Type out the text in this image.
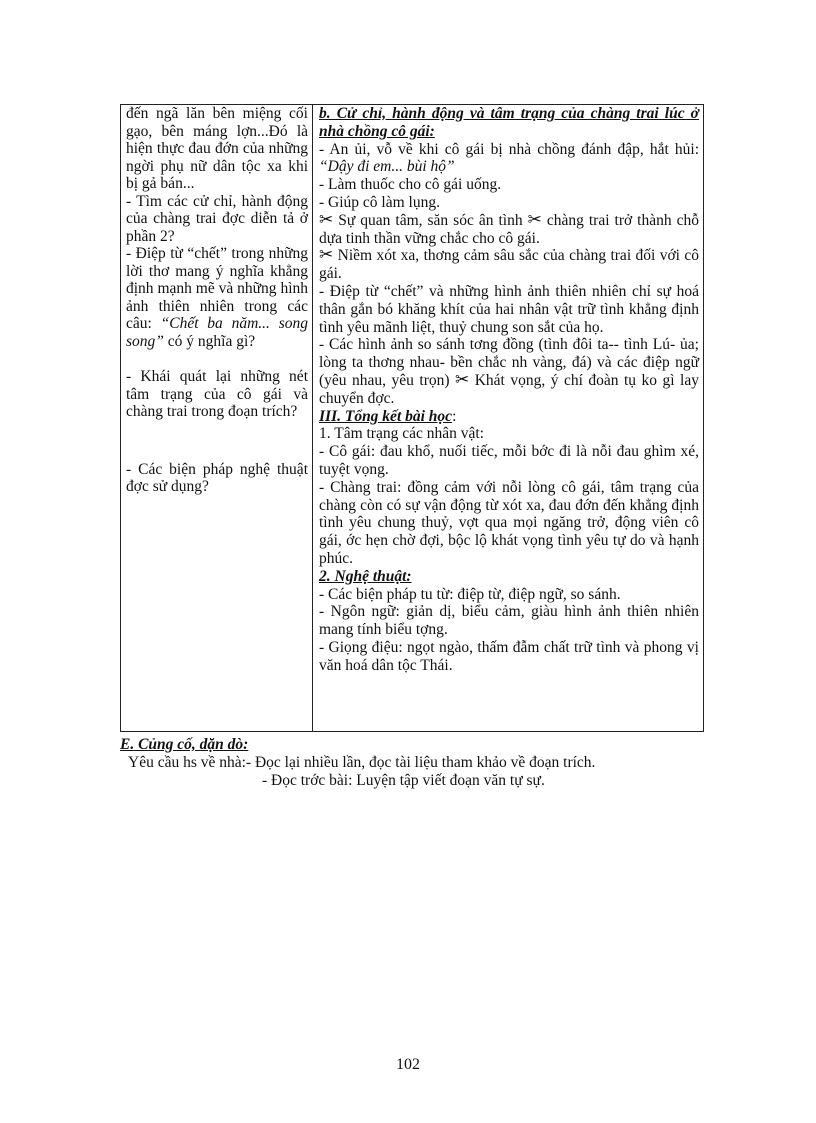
đến ngã lăn bên miệng cối gạo, bên máng lợn...Đó là hiện thực đau đớn của những ngời phụ nữ dân tộc xa khi bị gả bán...

- Tìm các cử chỉ, hành động của chàng trai đợc diễn tả ở phần 2?

- Điệp từ “chết” trong những lời thơ mang ý nghĩa khẳng định mạnh mẽ và những hình ảnh thiên nhiên trong các câu: “Chết ba năm... song song” có ý nghĩa gì?

- Khái quát lại những nét tâm trạng của cô gái và chàng trai trong đoạn trích?

- Các biện pháp nghệ thuật đợc sử dụng?

b. Cử chỉ, hành động và tâm trạng của chàng trai lúc ở nhà chồng cô gái:

- An ủi, vỗ về khi cô gái bị nhà chồng đánh đập, hắt hủi: “Dậy đi em... bùi hộ”

- Làm thuốc cho cô gái uống.

- Giúp cô làm lụng.

✂ Sự quan tâm, săn sóc ân tình ✂ chàng trai trở thành chỗ dựa tinh thần vững chắc cho cô gái.

✂ Niềm xót xa, thơng cảm sâu sắc của chàng trai đối với cô gái.

- Điệp từ “chết” và những hình ảnh thiên nhiên chỉ sự hoá thân gắn bó khăng khít của hai nhân vật trữ tình khẳng định tình yêu mãnh liệt, thuỷ chung son sắt của họ.

- Các hình ảnh so sánh tơng đồng (tình đôi ta-- tình Lú- ủa; lòng ta thơng nhau- bền chắc nh vàng, đá) và các điệp ngữ (yêu nhau, yêu trọn) ✂ Khát vọng, ý chí đoàn tụ ko gì lay chuyển đợc.

III. Tổng kết bài học:

1. Tâm trạng các nhân vật:

- Cô gái: đau khổ, nuối tiếc, mỗi bớc đi là nỗi đau ghìm xé, tuyệt vọng.

- Chàng trai: đồng cảm với nỗi lòng cô gái, tâm trạng của chàng còn có sự vận động từ xót xa, đau đớn đến khẳng định tình yêu chung thuỷ, vợt qua mọi ngăng trở, động viên cô gái, ớc hẹn chờ đợi, bộc lộ khát vọng tình yêu tự do và hạnh phúc.

2. Nghệ thuật:

- Các biện pháp tu từ: điệp từ, điệp ngữ, so sánh.

- Ngôn ngữ: giản dị, biểu cảm, giàu hình ảnh thiên nhiên mang tính biểu tợng.

- Giọng điệu: ngọt ngào, thấm đẫm chất trữ tình và phong vị văn hoá dân tộc Thái.

E. Củng cố, dặn dò:

Yêu cầu hs về nhà:- Đọc lại nhiều lần, đọc tài liệu tham khảo về đoạn trích.

- Đọc trớc bài: Luyện tập viết đoạn văn tự sự.

102
